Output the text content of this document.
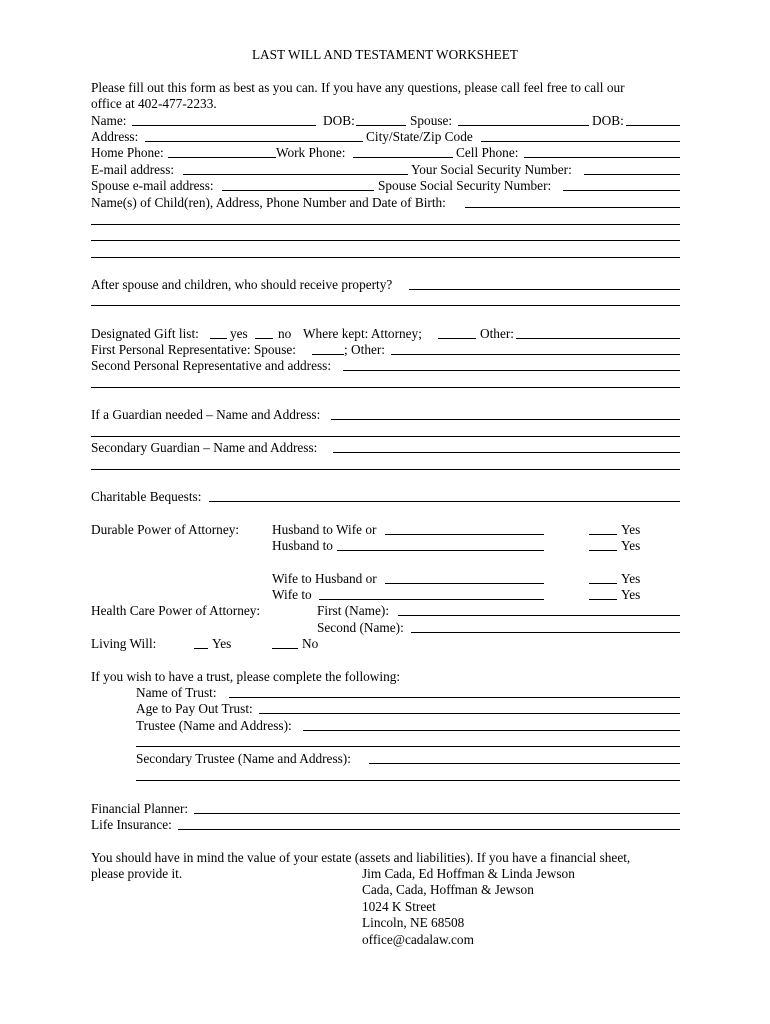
LAST WILL AND TESTAMENT WORKSHEET
Please fill out this form as best as you can. If you have any questions, please call feel free to call our
office at 402-477-2233.
Name:	DOB:	Spouse:	DOB:
Address:	City/State/Zip Code
Home Phone:	Work Phone:	Cell Phone:
E-mail address:	Your Social Security Number:
Spouse e-mail address:	Spouse Social Security Number:
Name(s) of Child(ren), Address, Phone Number and Date of Birth:
After spouse and children, who should receive property?
Designated Gift list: yes no Where kept: Attorney;	Other:
First Personal Representative: Spouse:	; Other:
Second Personal Representative and address:
If a Guardian needed – Name and Address:
Secondary Guardian – Name and Address:
Charitable Bequests:
Durable Power of Attorney: Husband to Wife or	Yes
Husband to	Yes
Wife to Husband or	Yes
Wife to	Yes
Health Care Power of Attorney:	First (Name):
Second (Name):
Living Will:	Yes	No
If you wish to have a trust, please complete the following:
Name of Trust:
Age to Pay Out Trust:
Trustee (Name and Address):
Secondary Trustee (Name and Address):
Financial Planner:
Life Insurance:
You should have in mind the value of your estate (assets and liabilities). If you have a financial sheet,
please provide it.	Jim Cada, Ed Hoffman & Linda Jewson
Cada, Cada, Hoffman & Jewson
1024 K Street
Lincoln, NE 68508
office@cadalaw.com
